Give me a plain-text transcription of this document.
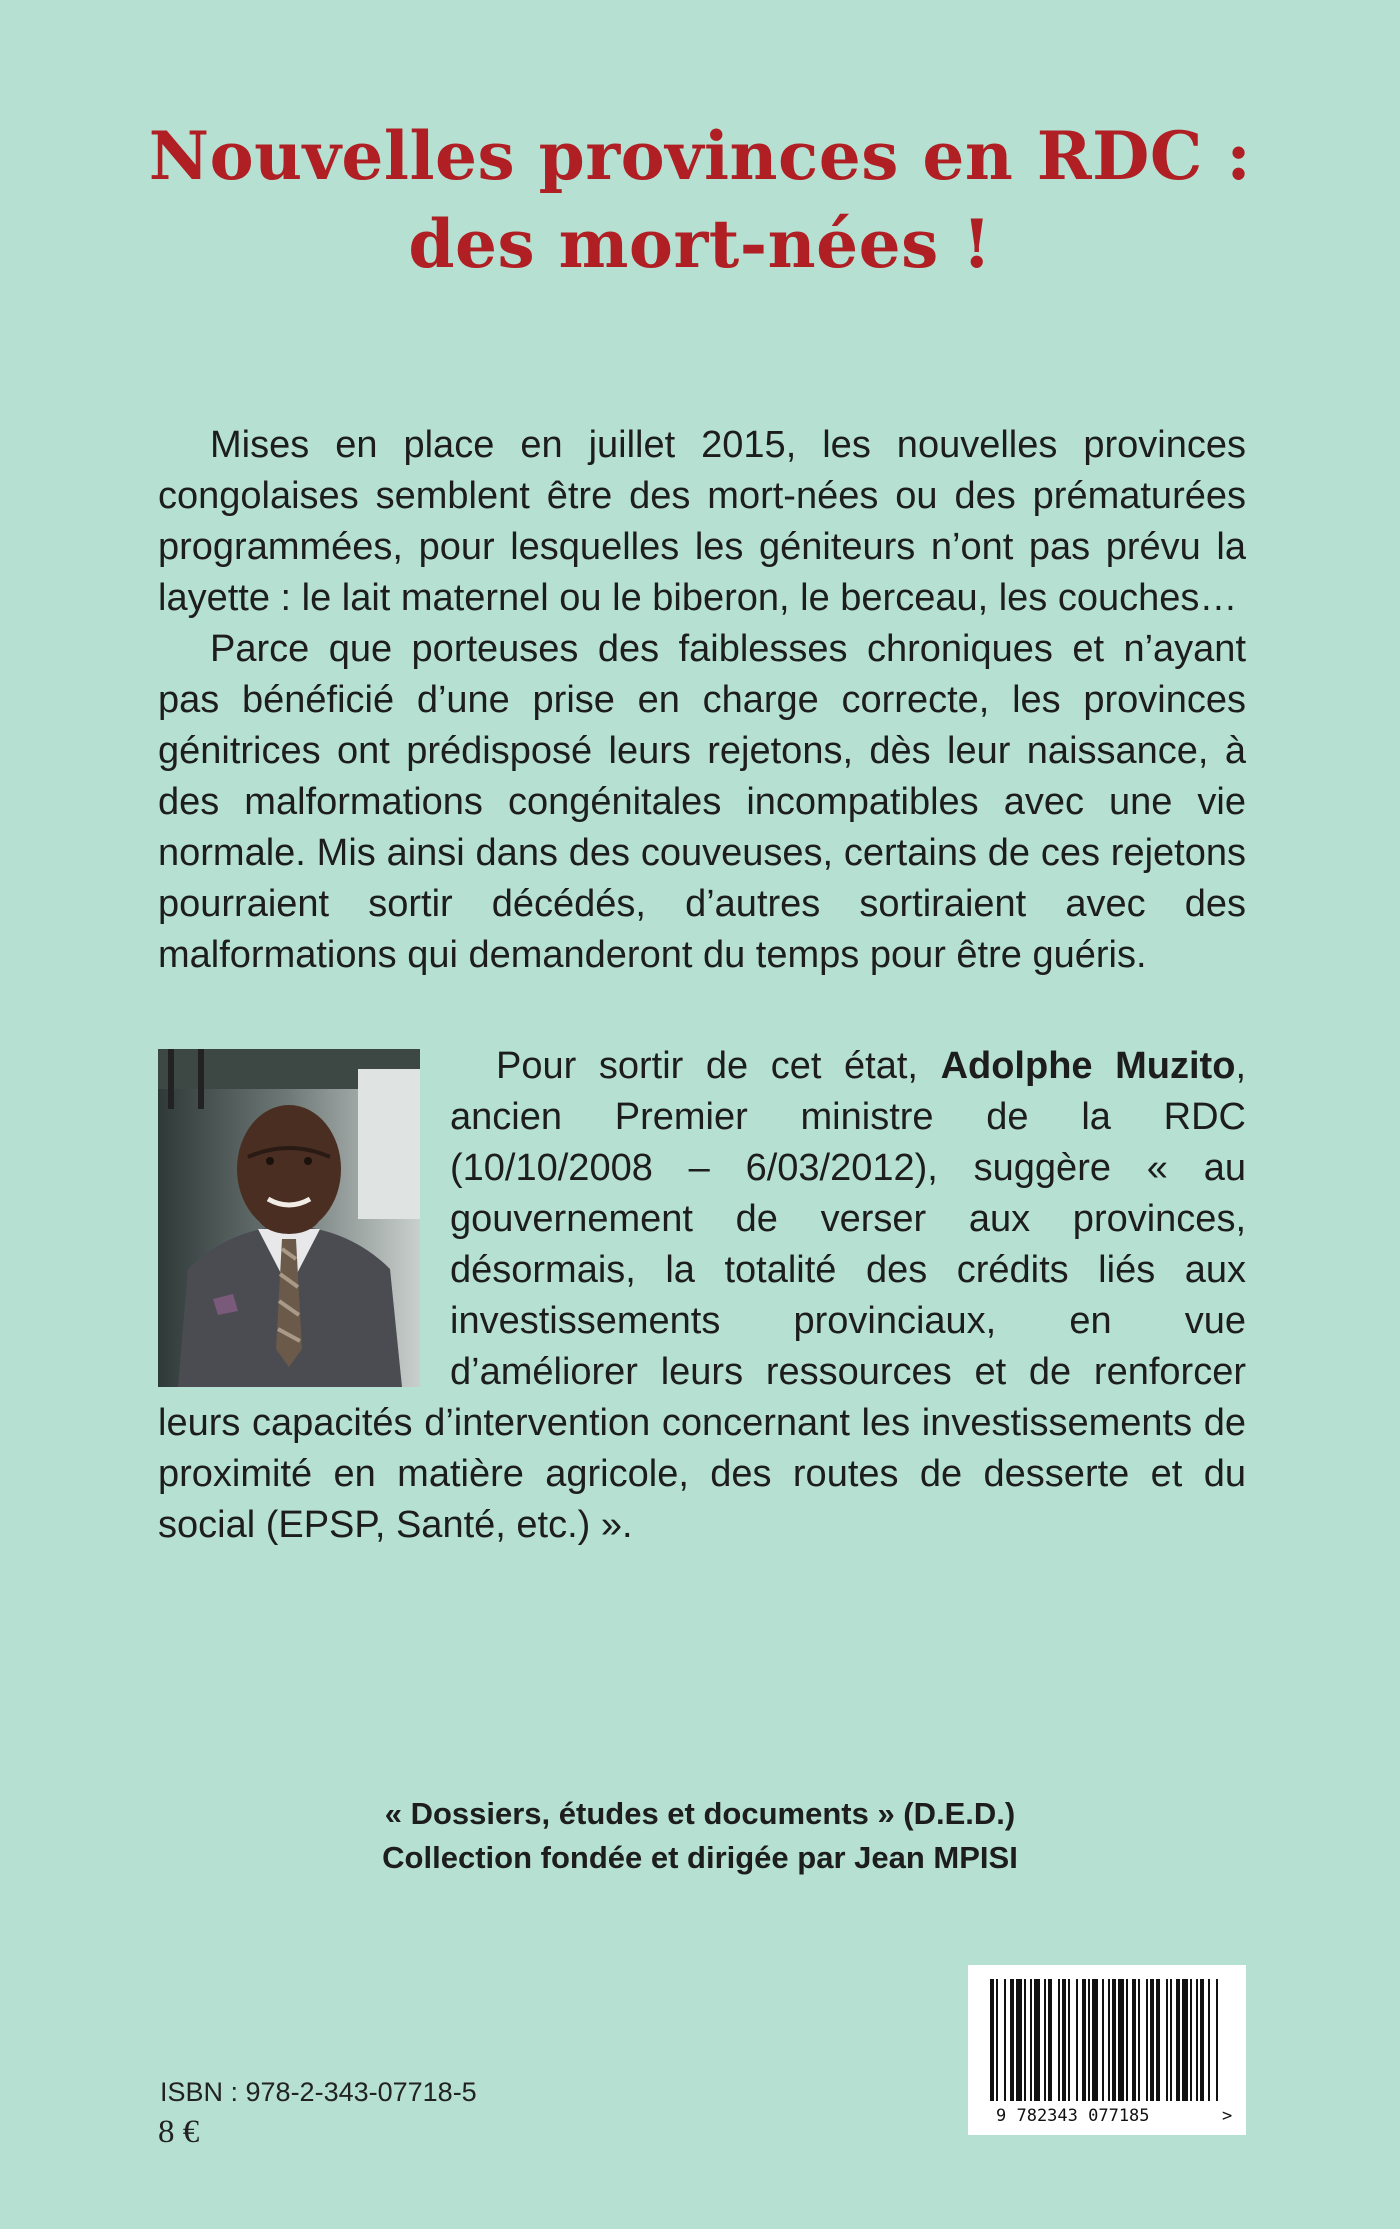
Nouvelles provinces en RDC :
des mort-nées !

Mises en place en juillet 2015, les nouvelles provinces congolaises semblent être des mort-nées ou des prématurées programmées, pour lesquelles les géniteurs n’ont pas prévu la layette : le lait maternel ou le biberon, le berceau, les couches…

Parce que porteuses des faiblesses chroniques et n’ayant pas bénéficié d’une prise en charge correcte, les provinces génitrices ont prédisposé leurs rejetons, dès leur naissance, à des malformations congénitales incompatibles avec une vie normale. Mis ainsi dans des couveuses, certains de ces rejetons pourraient sortir décédés, d’autres sortiraient avec des malformations qui demanderont du temps pour être guéris.

Pour sortir de cet état, Adolphe Muzito, ancien Premier ministre de la RDC (10/10/2008 – 6/03/2012), suggère « au gouvernement de verser aux provinces, désormais, la totalité des crédits liés aux investissements provinciaux, en vue d’améliorer leurs ressources et de renforcer leurs capacités d’intervention concernant les investissements de proximité en matière agricole, des routes de desserte et du social (EPSP, Santé, etc.) ».
« Dossiers, études et documents » (D.E.D.)
Collection fondée et dirigée par Jean MPISI
ISBN : 978-2-343-07718-5
8 €	9 782343 077185	>
